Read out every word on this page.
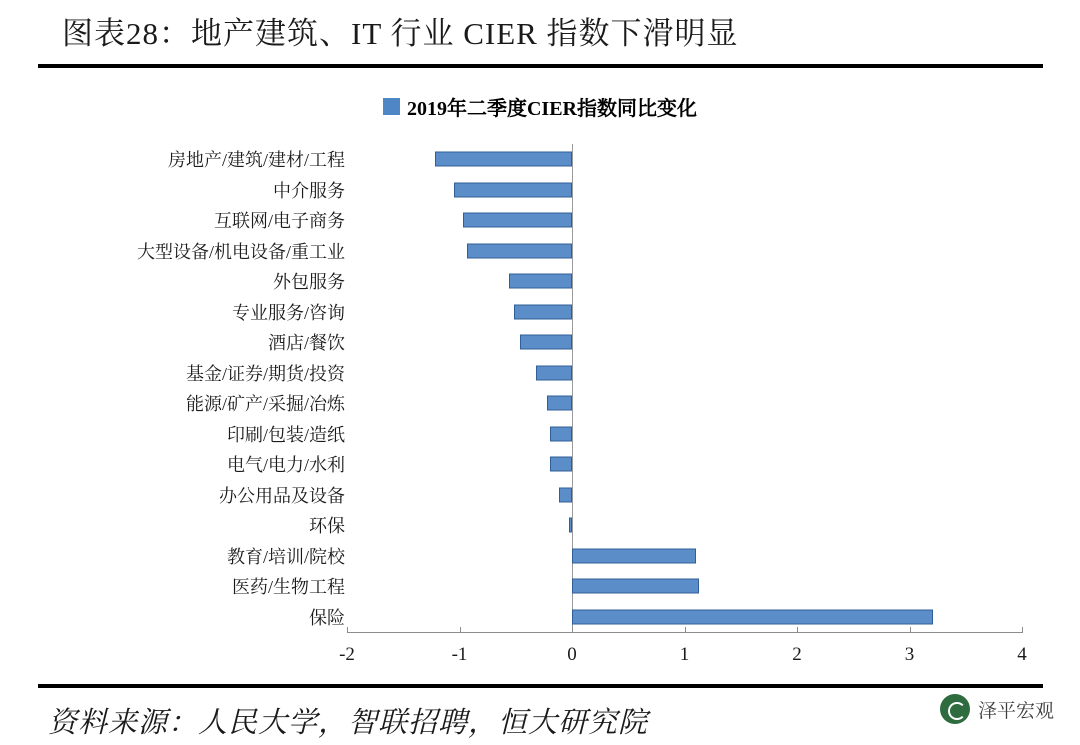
图表28：地产建筑、IT 行业 CIER 指数下滑明显
2019年二季度CIER指数同比变化
房地产/建筑/建材/工程
中介服务
互联网/电子商务
大型设备/机电设备/重工业
外包服务
专业服务/咨询
酒店/餐饮
基金/证券/期货/投资
能源/矿产/采掘/冶炼
印刷/包装/造纸
电气/电力/水利
办公用品及设备
环保
教育/培训/院校
医药/生物工程
保险
-2	-1	0	1	2	3	4
资料来源：人民大学，智联招聘，恒大研究院	泽平宏观
